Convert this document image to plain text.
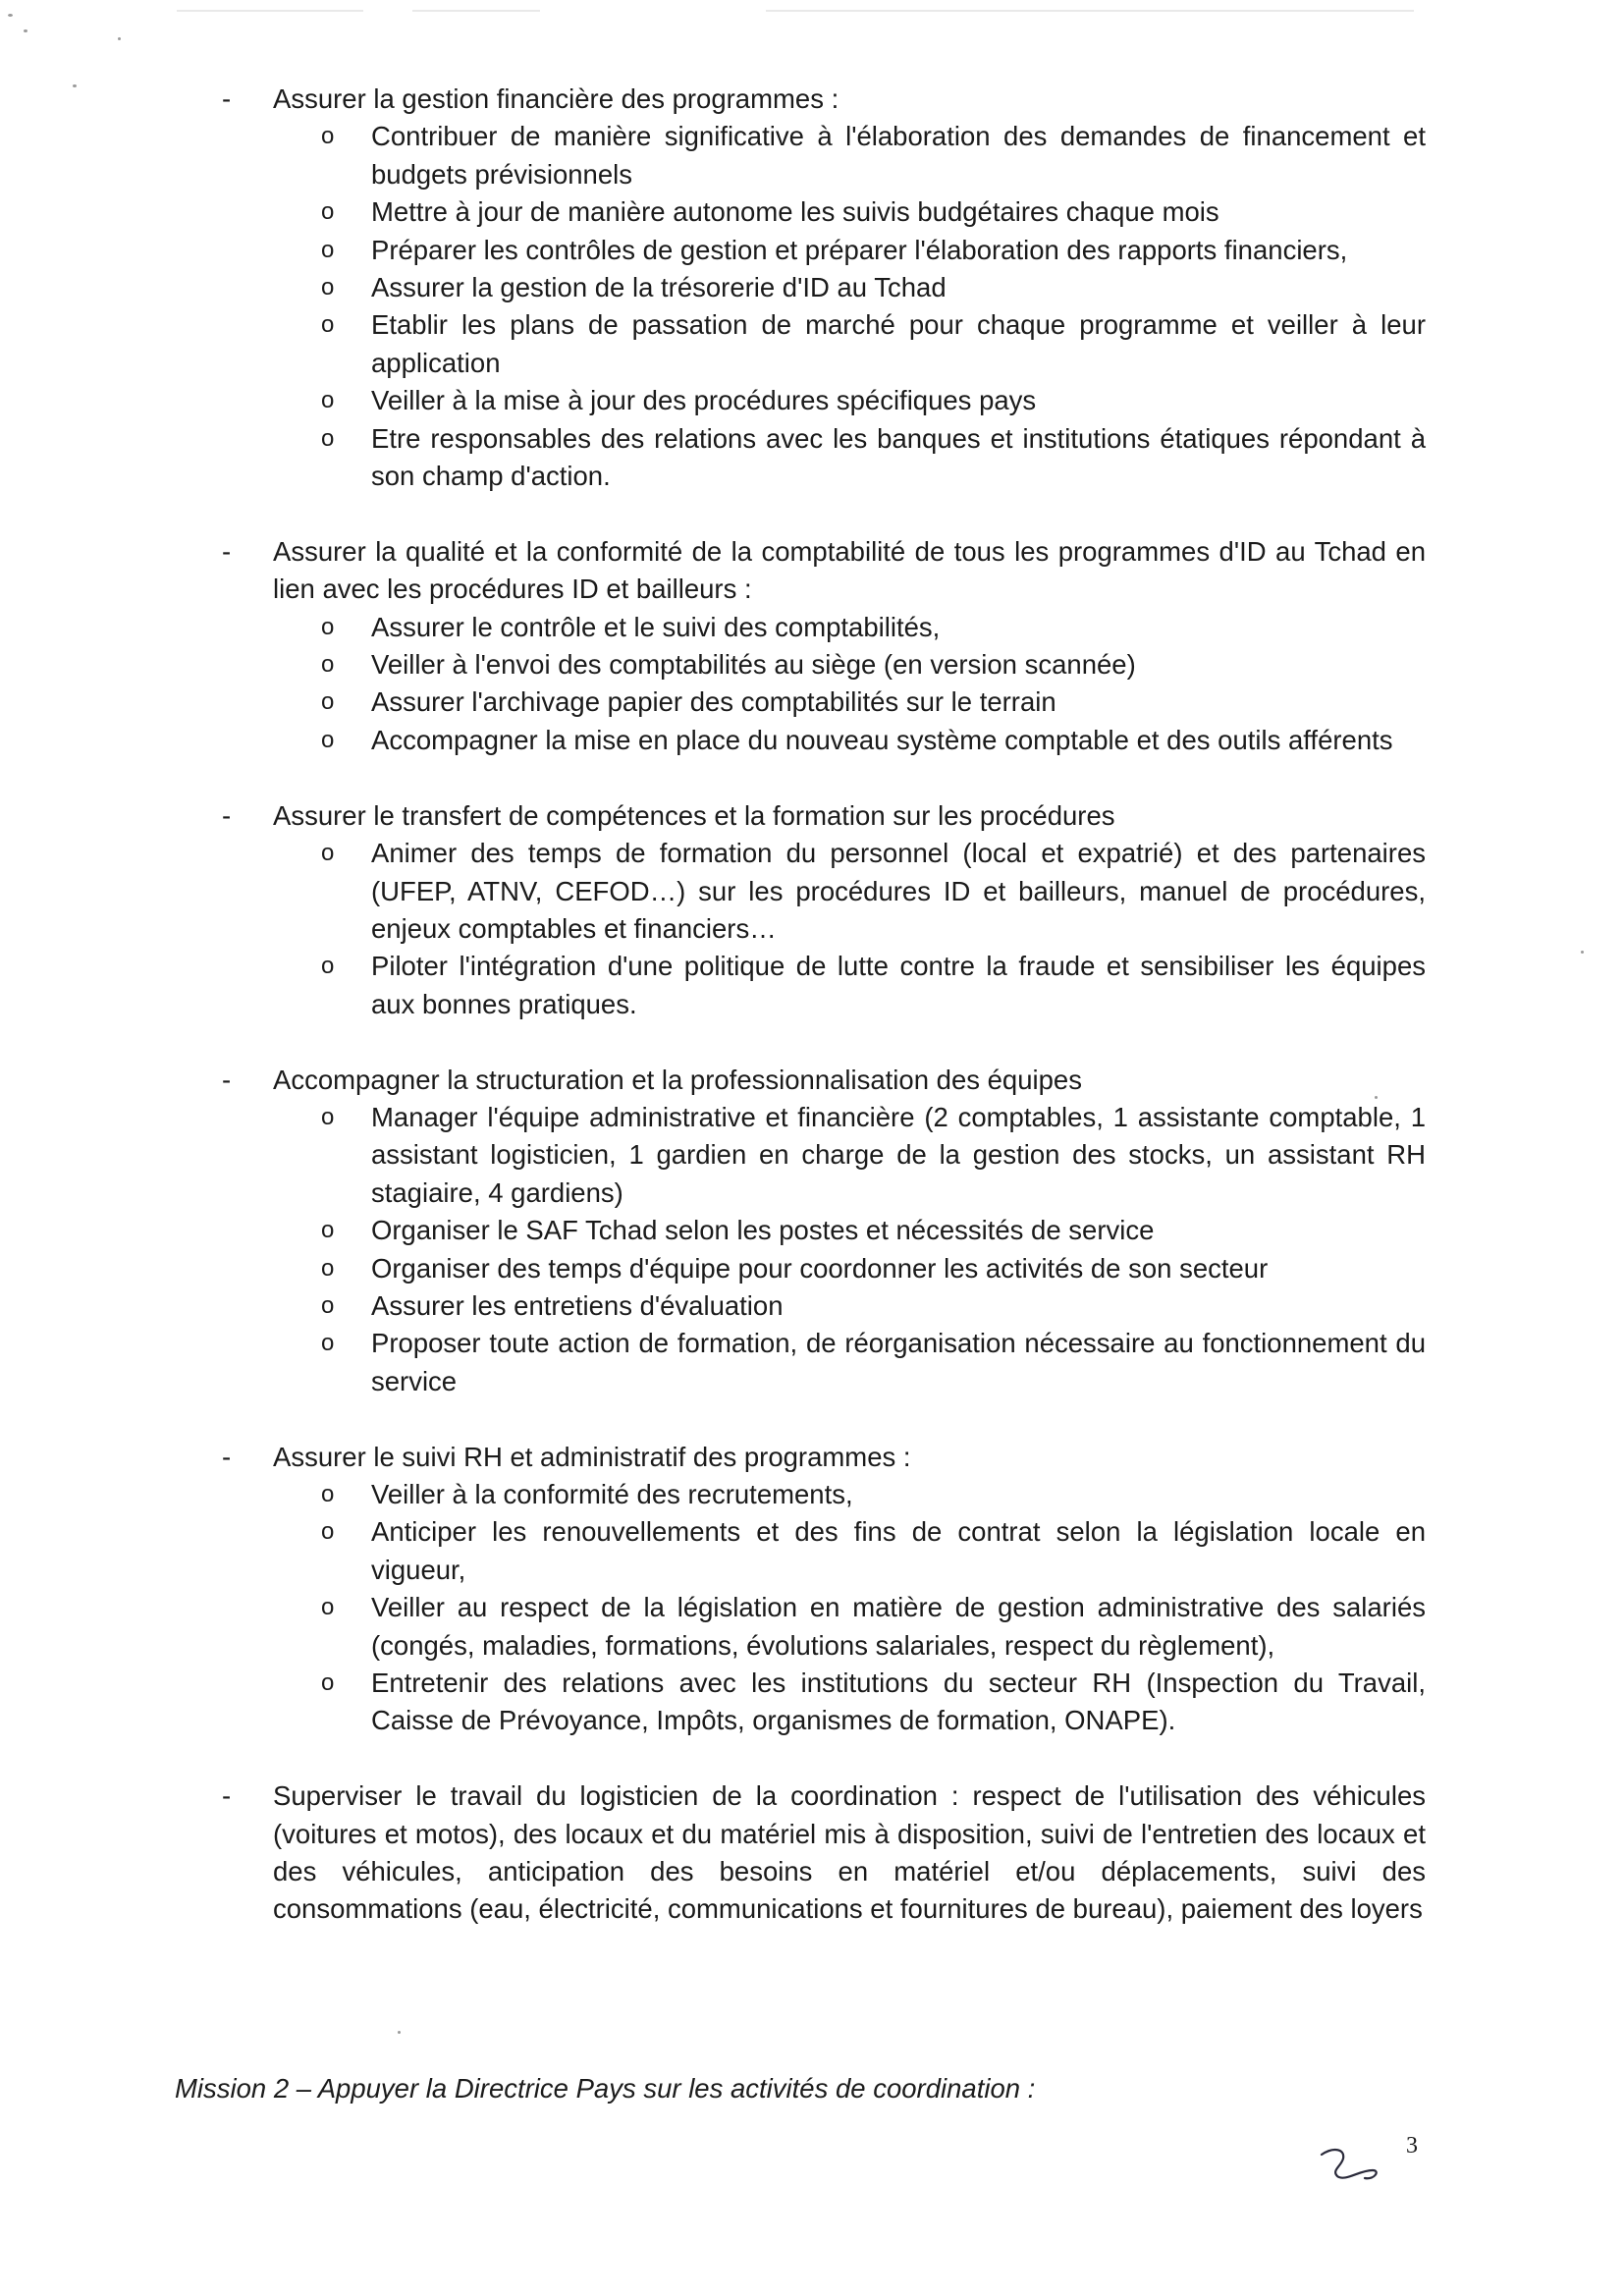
-	Assurer la gestion financière des programmes :
o Contribuer de manière significative à l'élaboration des demandes de financement et budgets prévisionnels
o Mettre à jour de manière autonome les suivis budgétaires chaque mois
o Préparer les contrôles de gestion et préparer l'élaboration des rapports financiers,
o Assurer la gestion de la trésorerie d'ID au Tchad
o Etablir les plans de passation de marché pour chaque programme et veiller à leur application
o Veiller à la mise à jour des procédures spécifiques pays
o Etre responsables des relations avec les banques et institutions étatiques répondant à son champ d'action.
-	Assurer la qualité et la conformité de la comptabilité de tous les programmes d'ID au Tchad en lien avec les procédures ID et bailleurs :
o Assurer le contrôle et le suivi des comptabilités,
o Veiller à l'envoi des comptabilités au siège (en version scannée)
o Assurer l'archivage papier des comptabilités sur le terrain
o Accompagner la mise en place du nouveau système comptable et des outils afférents
-	Assurer le transfert de compétences et la formation sur les procédures
o Animer des temps de formation du personnel (local et expatrié) et des partenaires (UFEP, ATNV, CEFOD…) sur les procédures ID et bailleurs, manuel de procédures, enjeux comptables et financiers…
o Piloter l'intégration d'une politique de lutte contre la fraude et sensibiliser les équipes aux bonnes pratiques.
-	Accompagner la structuration et la professionnalisation des équipes
o Manager l'équipe administrative et financière (2 comptables, 1 assistante comptable, 1 assistant logisticien, 1 gardien en charge de la gestion des stocks, un assistant RH stagiaire, 4 gardiens)
o Organiser le SAF Tchad selon les postes et nécessités de service
o Organiser des temps d'équipe pour coordonner les activités de son secteur
o Assurer les entretiens d'évaluation
o Proposer toute action de formation, de réorganisation nécessaire au fonctionnement du service
-	Assurer le suivi RH et administratif des programmes :
o Veiller à la conformité des recrutements,
o Anticiper les renouvellements et des fins de contrat selon la législation locale en vigueur,
o Veiller au respect de la législation en matière de gestion administrative des salariés (congés, maladies, formations, évolutions salariales, respect du règlement),
o Entretenir des relations avec les institutions du secteur RH (Inspection du Travail, Caisse de Prévoyance, Impôts, organismes de formation, ONAPE).
-	Superviser le travail du logisticien de la coordination : respect de l'utilisation des véhicules (voitures et motos), des locaux et du matériel mis à disposition, suivi de l'entretien des locaux et des véhicules, anticipation des besoins en matériel et/ou déplacements, suivi des consommations (eau, électricité, communications et fournitures de bureau), paiement des loyers
Mission 2 – Appuyer la Directrice Pays sur les activités de coordination :
3
